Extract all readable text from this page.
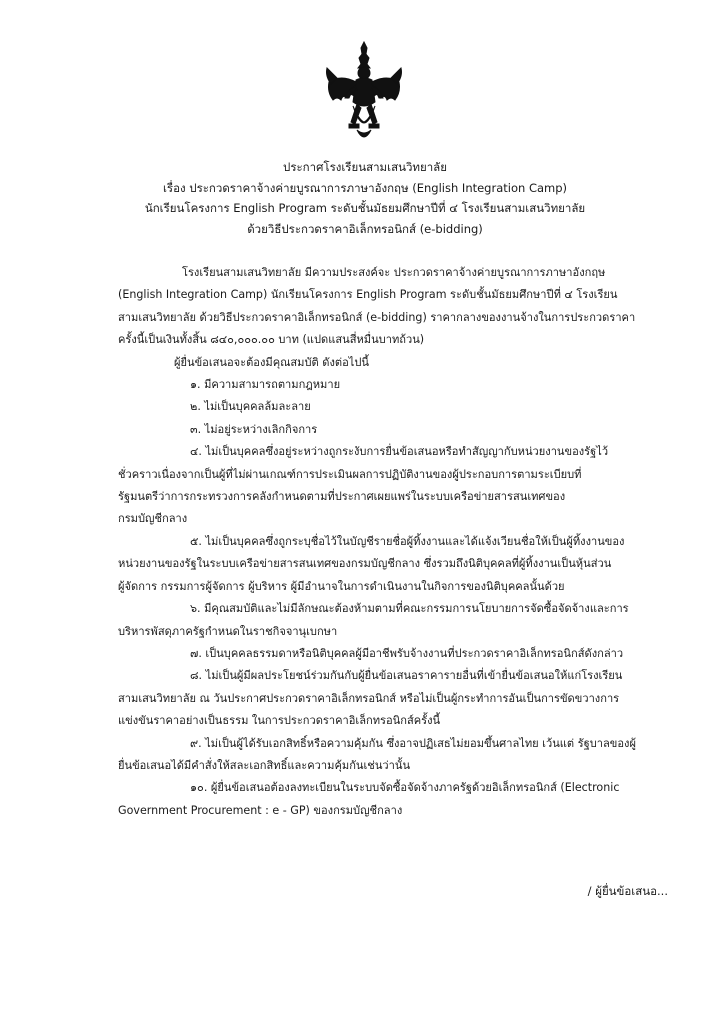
ประกาศโรงเรียนสามเสนวิทยาลัย
เรื่อง ประกวดราคาจ้างค่ายบูรณาการภาษาอังกฤษ (English Integration Camp)
นักเรียนโครงการ English Program ระดับชั้นมัธยมศึกษาปีที่ ๔ โรงเรียนสามเสนวิทยาลัย
ด้วยวิธีประกวดราคาอิเล็กทรอนิกส์ (e-bidding)
โรงเรียนสามเสนวิทยาลัย มีความประสงค์จะ ประกวดราคาจ้างค่ายบูรณาการภาษาอังกฤษ
(English Integration Camp) นักเรียนโครงการ English Program ระดับชั้นมัธยมศึกษาปีที่ ๔ โรงเรียน
สามเสนวิทยาลัย ด้วยวิธีประกวดราคาอิเล็กทรอนิกส์ (e-bidding) ราคากลางของงานจ้างในการประกวดราคา
ครั้งนี้เป็นเงินทั้งสิ้น ๘๔๐,๐๐๐.๐๐ บาท (แปดแสนสี่หมื่นบาทถ้วน)
ผู้ยื่นข้อเสนอจะต้องมีคุณสมบัติ ดังต่อไปนี้
๑. มีความสามารถตามกฎหมาย
๒. ไม่เป็นบุคคลล้มละลาย
๓. ไม่อยู่ระหว่างเลิกกิจการ
๔. ไม่เป็นบุคคลซึ่งอยู่ระหว่างถูกระงับการยื่นข้อเสนอหรือทำสัญญากับหน่วยงานของรัฐไว้
ชั่วคราวเนื่องจากเป็นผู้ที่ไม่ผ่านเกณฑ์การประเมินผลการปฏิบัติงานของผู้ประกอบการตามระเบียบที่
รัฐมนตรีว่าการกระทรวงการคลังกำหนดตามที่ประกาศเผยแพร่ในระบบเครือข่ายสารสนเทศของ
กรมบัญชีกลาง
๕. ไม่เป็นบุคคลซึ่งถูกระบุชื่อไว้ในบัญชีรายชื่อผู้ทิ้งงานและได้แจ้งเวียนชื่อให้เป็นผู้ทิ้งงานของ
หน่วยงานของรัฐในระบบเครือข่ายสารสนเทศของกรมบัญชีกลาง ซึ่งรวมถึงนิติบุคคลที่ผู้ทิ้งงานเป็นหุ้นส่วน
ผู้จัดการ กรรมการผู้จัดการ ผู้บริหาร ผู้มีอำนาจในการดำเนินงานในกิจการของนิติบุคคลนั้นด้วย
๖. มีคุณสมบัติและไม่มีลักษณะต้องห้ามตามที่คณะกรรมการนโยบายการจัดซื้อจัดจ้างและการ
บริหารพัสดุภาครัฐกำหนดในราชกิจจานุเบกษา
๗. เป็นบุคคลธรรมดาหรือนิติบุคคลผู้มีอาชีพรับจ้างงานที่ประกวดราคาอิเล็กทรอนิกส์ดังกล่าว
๘. ไม่เป็นผู้มีผลประโยชน์ร่วมกันกับผู้ยื่นข้อเสนอราคารายอื่นที่เข้ายื่นข้อเสนอให้แก่โรงเรียน
สามเสนวิทยาลัย ณ วันประกาศประกวดราคาอิเล็กทรอนิกส์ หรือไม่เป็นผู้กระทำการอันเป็นการขัดขวางการ
แข่งขันราคาอย่างเป็นธรรม ในการประกวดราคาอิเล็กทรอนิกส์ครั้งนี้
๙. ไม่เป็นผู้ได้รับเอกสิทธิ์หรือความคุ้มกัน ซึ่งอาจปฏิเสธไม่ยอมขึ้นศาลไทย เว้นแต่ รัฐบาลของผู้
ยื่นข้อเสนอได้มีคำสั่งให้สละเอกสิทธิ์และความคุ้มกันเช่นว่านั้น
๑๐. ผู้ยื่นข้อเสนอต้องลงทะเบียนในระบบจัดซื้อจัดจ้างภาครัฐด้วยอิเล็กทรอนิกส์ (Electronic
Government Procurement : e - GP) ของกรมบัญชีกลาง
/ ผู้ยื่นข้อเสนอ...
